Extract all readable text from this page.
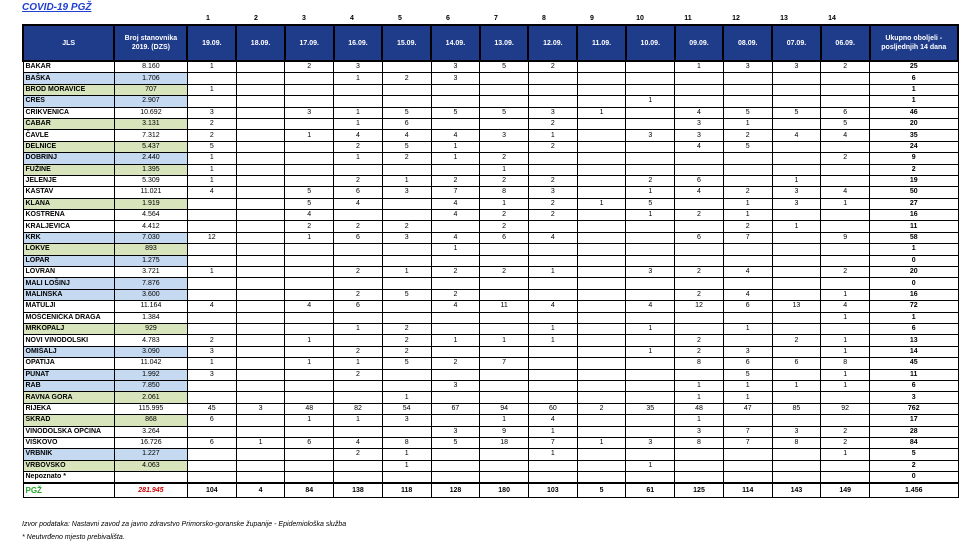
COVID-19 PGŽ
1	2	3	4	5	6	7	8	9	10	11	12	13	14
JLS	Broj stanovnika 2019. (DZS)	19.09.	18.09.	17.09.	16.09.	15.09.	14.09.	13.09.	12.09.	11.09.	10.09.	09.09.	08.09.	07.09.	06.09.	Ukupno oboljeli - posljednjih 14 dana
BAKAR	8.160	1		2	3		3	5	2			1	3	3	2	25
BAŠKA	1.706				1	2	3									6
BROD MORAVICE	707	1														1
CRES	2.907										1					1
CRIKVENICA	10.692	3		3	1	5	5	5	3	1		4	5	5	6	46
ČABAR	3.131	2			1	6			2			3	1		5	20
ČAVLE	7.312	2		1	4	4	4	3	1		3	3	2	4	4	35
DELNICE	5.437	5			2	5	1		2			4	5			24
DOBRINJ	2.440	1			1	2	1	2							2	9
FUŽINE	1.395	1						1								2
JELENJE	5.309	1			2	1	2	2	2		2	6		1		19
KASTAV	11.021	4		5	6	3	7	8	3		1	4	2	3	4	50
KLANA	1.919			5	4		4	1	2	1	5		1	3	1	27
KOSTRENA	4.564			4			4	2	2		1	2	1			16
KRALJEVICA	4.412			2	2	2		2					2	1		11
KRK	7.030	12		1	6	3	4	6	4			6	7		9	58
LOKVE	893						1									1
LOPAR	1.275															0
LOVRAN	3.721	1			2	1	2	2	1		3	2	4		2	20
MALI LOŠINJ	7.876															0
MALINSKA	3.600				2	5	2					2	4		1	16
MATULJI	11.164	4		4	6		4	11	4		4	12	6	13	4	72
MOŠĆENIČKA DRAGA	1.384														1	1
MRKOPALJ	929				1	2			1		1		1			6
NOVI VINODOLSKI	4.783	2		1		2	1	1	1			2		2	1	13
OMIŠALJ	3.090	3			2	2					1	2	3		1	14
OPATIJA	11.042	1		1	1	5	2	7				8	6	6	8	45
PUNAT	1.992	3			2								5		1	11
RAB	7.850						3					1	1	1	1	6
RAVNA GORA	2.061					1						1	1			3
RIJEKA	115.995	45	3	48	82	54	67	94	60	2	35	48	47	85	92	762
SKRAD	868	6		1	1	3		1	4			1				17
VINODOLSKA OPĆINA	3.264						3	9	1			3	7	3	2	28
VIŠKOVO	16.726	6	1	6	4	8	5	18	7	1	3	8	7	8	2	84
VRBNIK	1.227				2	1			1						1	5
VRBOVSKO	4.063					1					1					2
Nepoznato *																0
PGŽ	281.945	104	4	84	138	118	128	180	103	5	61	125	114	143	149	1.456
Izvor podataka: Nastavni zavod za javno zdravstvo Primorsko-goranske županije - Epidemiološka služba
* Neutvrđeno mjesto prebivališta.
